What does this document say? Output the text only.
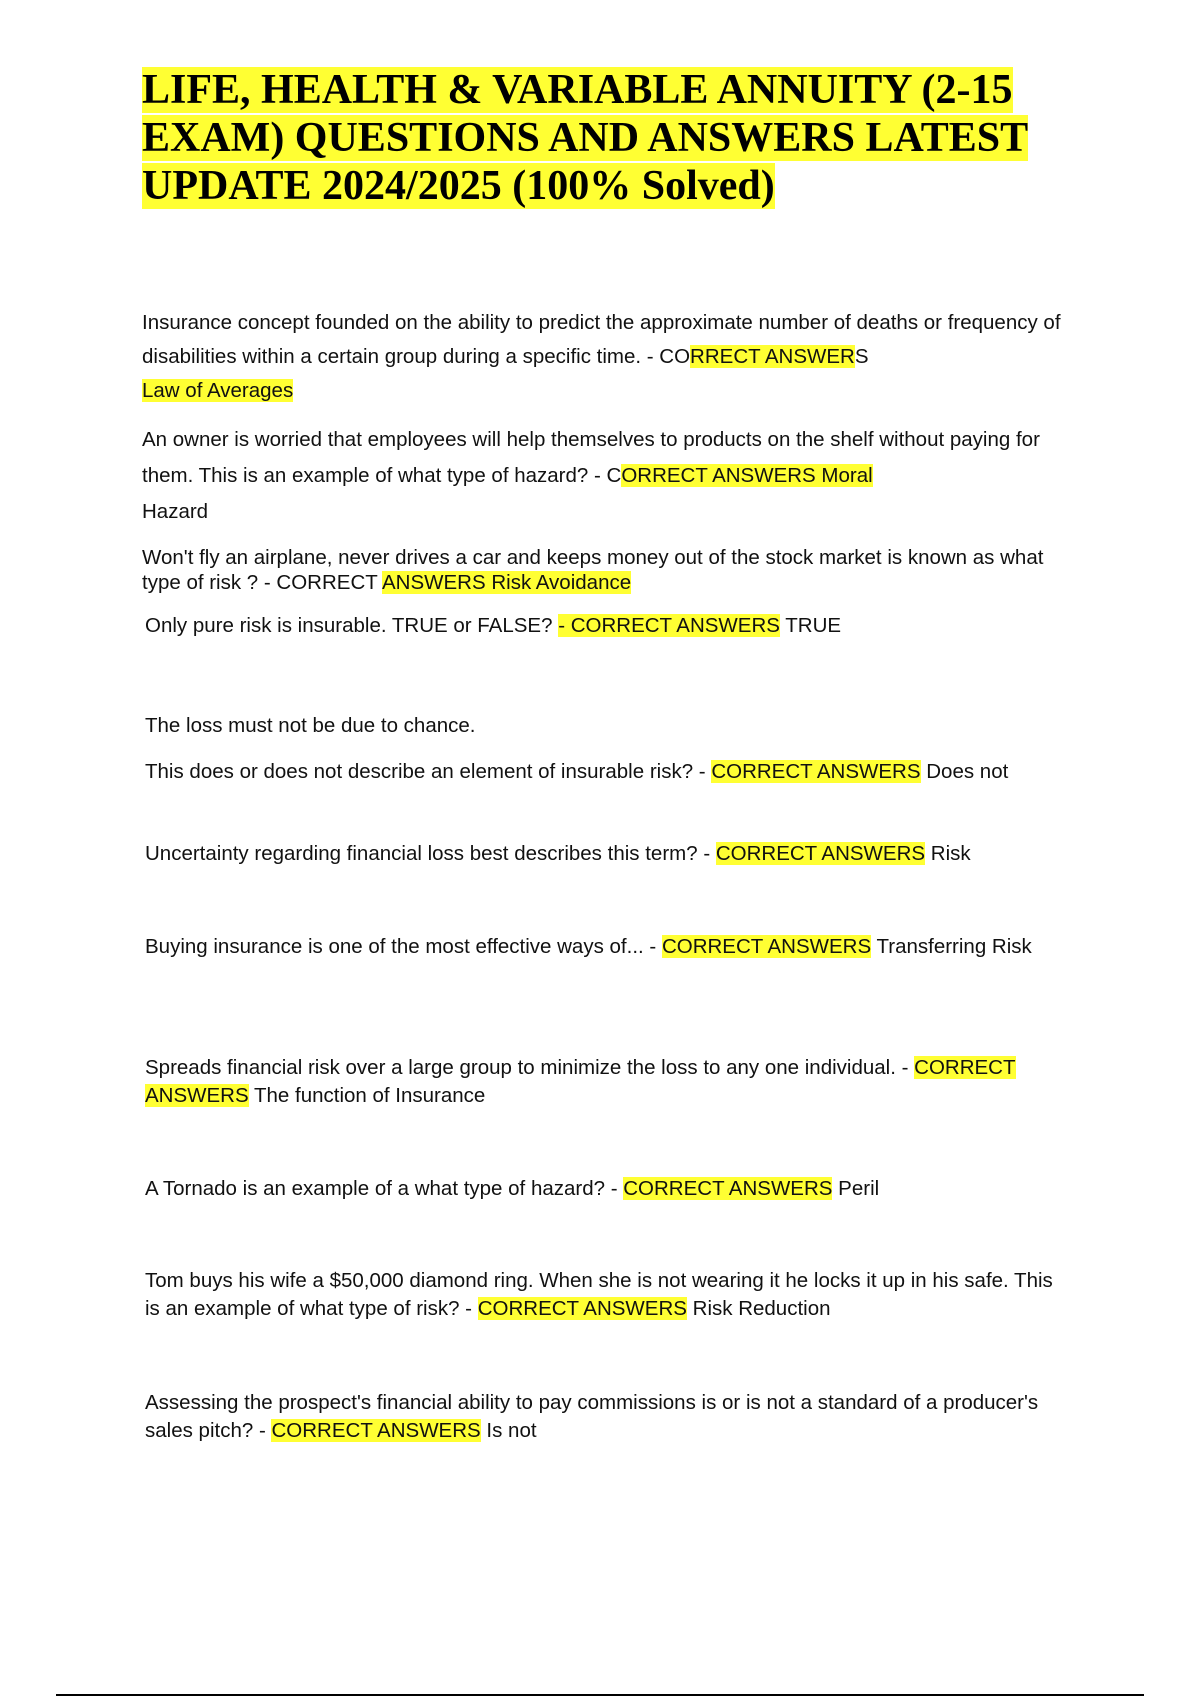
LIFE, HEALTH & VARIABLE ANNUITY (2-15 EXAM) QUESTIONS AND ANSWERS LATEST UPDATE 2024/2025 (100% Solved)
Insurance concept founded on the ability to predict the approximate number of deaths or frequency of disabilities within a certain group during a specific time. - CORRECT ANSWERS
Law of Averages
An owner is worried that employees will help themselves to products on the shelf without paying for them. This is an example of what type of hazard? - CORRECT ANSWERS Moral
Hazard
Won't fly an airplane, never drives a car and keeps money out of the stock market is known as what type of risk ? - CORRECT ANSWERS Risk Avoidance
Only pure risk is insurable. TRUE or FALSE? - CORRECT ANSWERS TRUE
The loss must not be due to chance.
This does or does not describe an element of insurable risk? - CORRECT ANSWERS Does not
Uncertainty regarding financial loss best describes this term? - CORRECT ANSWERS Risk
Buying insurance is one of the most effective ways of... - CORRECT ANSWERS Transferring Risk
Spreads financial risk over a large group to minimize the loss to any one individual. - CORRECT ANSWERS The function of Insurance
A Tornado is an example of a what type of hazard? - CORRECT ANSWERS Peril
Tom buys his wife a $50,000 diamond ring. When she is not wearing it he locks it up in his safe. This is an example of what type of risk? - CORRECT ANSWERS Risk Reduction
Assessing the prospect's financial ability to pay commissions is or is not a standard of a producer's sales pitch? - CORRECT ANSWERS Is not
